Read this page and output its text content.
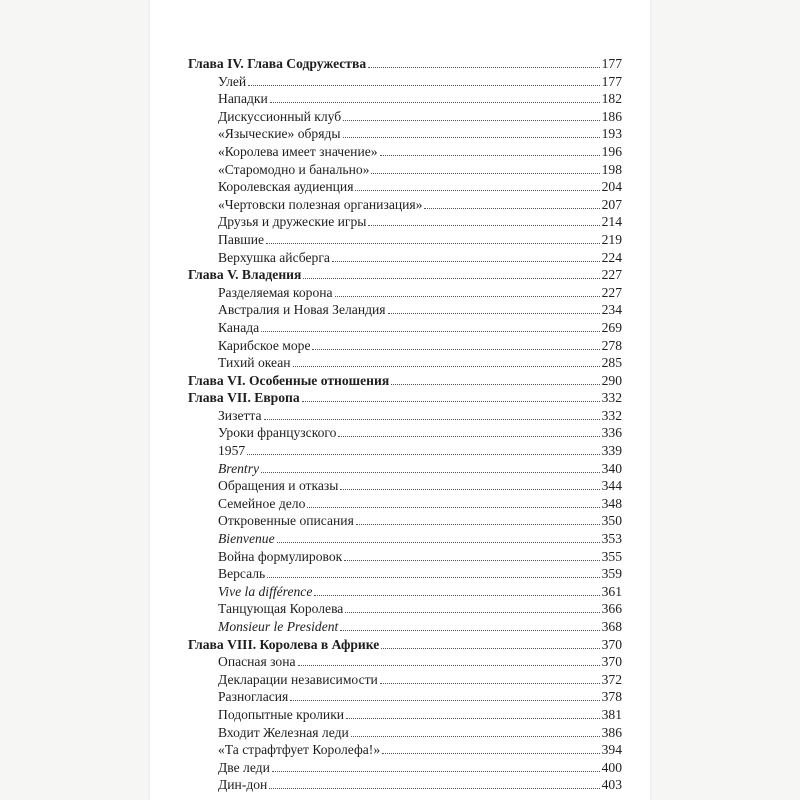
Глава IV. Глава Содружества	177
Улей	177
Нападки	182
Дискуссионный клуб	186
«Языческие» обряды	193
«Королева имеет значение»	196
«Старомодно и банально»	198
Королевская аудиенция	204
«Чертовски полезная организация»	207
Друзья и дружеские игры	214
Павшие	219
Верхушка айсберга	224
Глава V. Владения	227
Разделяемая корона	227
Австралия и Новая Зеландия	234
Канада	269
Карибское море	278
Тихий океан	285
Глава VI. Особенные отношения	290
Глава VII. Европа	332
Зизетта	332
Уроки французского	336
1957	339
Brentry	340
Обращения и отказы	344
Семейное дело	348
Откровенные описания	350
Bienvenue	353
Война формулировок	355
Версаль	359
Vive la différence	361
Танцующая Королева	366
Monsieur le President	368
Глава VIII. Королева в Африке	370
Опасная зона	370
Декларации независимости	372
Разногласия	378
Подопытные кролики	381
Входит Железная леди	386
«Та страфтфует Королефа!»	394
Две леди	400
Дин-дон	403
